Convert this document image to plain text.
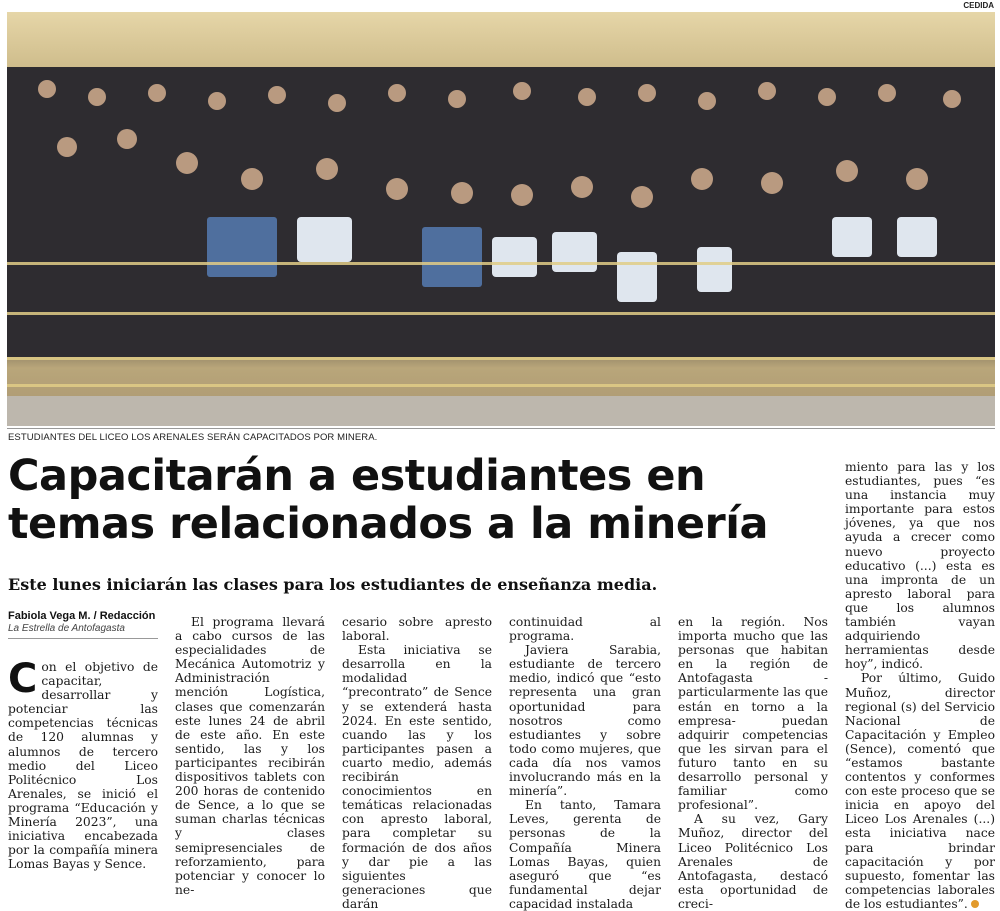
CEDIDA
ESTUDIANTES DEL LICEO LOS ARENALES SERÁN CAPACITADOS POR MINERA.
Capacitarán a estudiantes en
temas relacionados a la minería
Este lunes iniciarán las clases para los estudiantes de enseñanza media.
Fabiola Vega M. / Redacción
La Estrella de Antofagasta

Con el objetivo de capacitar, desarrollar y potenciar las competencias técnicas de 120 alumnas y alumnos de tercero medio del Liceo Politécnico Los Arenales, se inició el programa “Educación y Minería 2023”, una iniciativa encabezada por la compañía minera Lomas Bayas y Sence.

El programa llevará a cabo cursos de las especialidades de Mecánica Automotriz y Administración mención Logística, clases que comenzarán este lunes 24 de abril de este año. En este sentido, las y los participantes recibirán dispositivos tablets con 200 horas de contenido de Sence, a lo que se suman charlas técnicas y clases semipresenciales de reforzamiento, para potenciar y conocer lo ne-

cesario sobre apresto laboral.

Esta iniciativa se desarrolla en la modalidad “precontrato” de Sence y se extenderá hasta 2024. En este sentido, cuando las y los participantes pasen a cuarto medio, además recibirán conocimientos en temáticas relacionadas con apresto laboral, para completar su formación de dos años y dar pie a las siguientes generaciones que darán

continuidad al programa.

Javiera Sarabia, estudiante de tercero medio, indicó que “esto representa una gran oportunidad para nosotros como estudiantes y sobre todo como mujeres, que cada día nos vamos involucrando más en la minería”.

En tanto, Tamara Leves, gerenta de personas de la Compañía Minera Lomas Bayas, quien aseguró que “es fundamental dejar capacidad instalada

en la región. Nos importa mucho que las personas que habitan en la región de Antofagasta -particularmente las que están en torno a la empresa- puedan adquirir competencias que les sirvan para el futuro tanto en su desarrollo personal y familiar como profesional”.

A su vez, Gary Muñoz, director del Liceo Politécnico Los Arenales de Antofagasta, destacó esta oportunidad de creci-

miento para las y los estudiantes, pues “es una instancia muy importante para estos jóvenes, ya que nos ayuda a crecer como nuevo proyecto educativo (...) esta es una impronta de un apresto laboral para que los alumnos también vayan adquiriendo herramientas desde hoy”, indicó.

Por último, Guido Muñoz, director regional (s) del Servicio Nacional de Capacitación y Empleo (Sence), comentó que “estamos bastante contentos y conformes con este proceso que se inicia en apoyo del Liceo Los Arenales (...) esta iniciativa nace para brindar capacitación y por supuesto, fomentar las competencias laborales de los estudiantes”.
